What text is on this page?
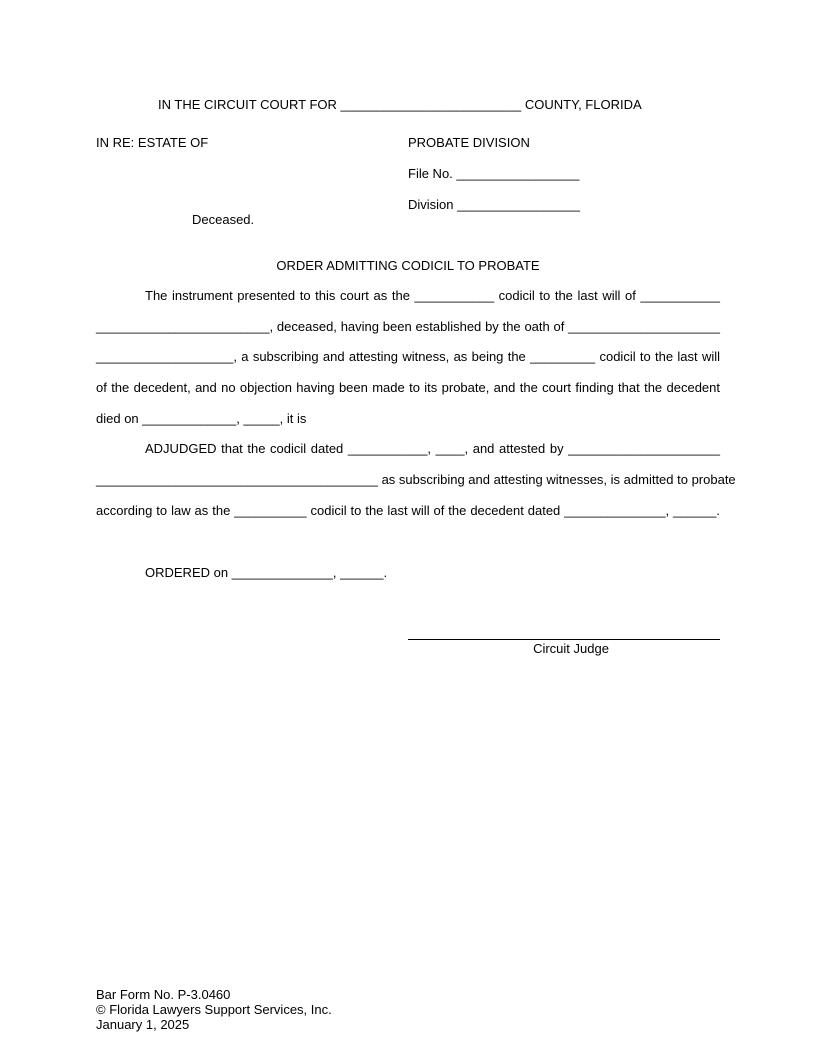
IN THE CIRCUIT COURT FOR _________________________ COUNTY, FLORIDA
IN RE: ESTATE OF	PROBATE DIVISION
File No. _________________
Division _________________
Deceased.
ORDER ADMITTING CODICIL TO PROBATE
The instrument presented to this court as the ___________ codicil to the last will of ___________
________________________, deceased, having been established by the oath of _____________________
___________________, a subscribing and attesting witness, as being the _________ codicil to the last will
of the decedent, and no objection having been made to its probate, and the court finding that the decedent
died on _____________, _____, it is
ADJUDGED that the codicil dated ___________, ____, and attested by _____________________
_______________________________________ as subscribing and attesting witnesses, is admitted to probate
according to law as the __________ codicil to the last will of the decedent dated ______________, ______.
ORDERED on ______________, ______.
Circuit Judge
Bar Form No. P-3.0460
© Florida Lawyers Support Services, Inc.
January 1, 2025
